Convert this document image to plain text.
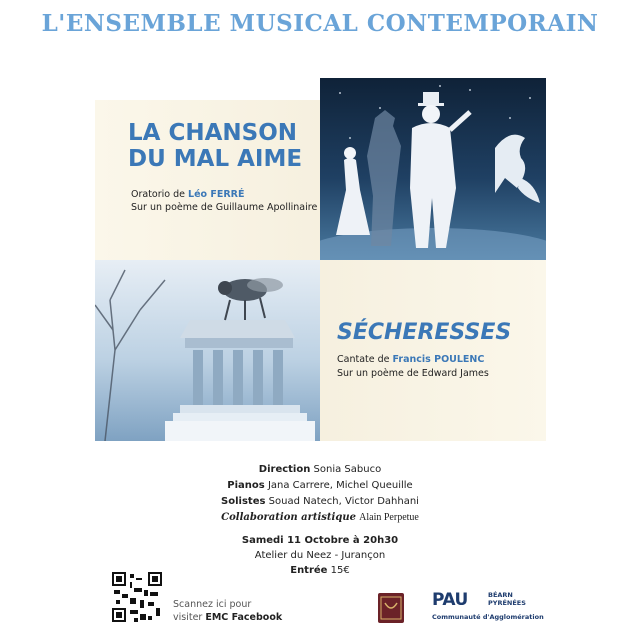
L'ENSEMBLE MUSICAL CONTEMPORAIN
LA CHANSON
DU MAL AIME
Oratorio de Léo FERRÉ
Sur un poème de Guillaume Apollinaire
SÉCHERESSES
Cantate de Francis POULENC
Sur un poème de Edward James
Direction Sonia Sabuco
Pianos Jana Carrere, Michel Queuille
Solistes Souad Natech, Victor Dahhani
Collaboration artistique Alain Perpetue
Samedi 11 Octobre à 20h30
Atelier du Neez - Jurançon
Entrée 15€
Scannez ici pour
visiter EMC Facebook
PAU	BÉARN
PYRÉNÉES
Communauté d'Agglomération
